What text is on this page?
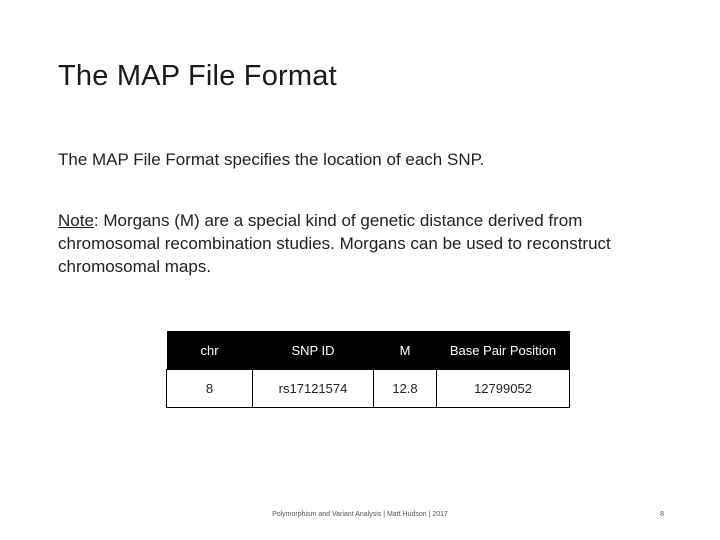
The MAP File Format
The MAP File Format specifies the location of each SNP.
Note: Morgans (M) are a special kind of genetic distance derived from chromosomal recombination studies. Morgans can be used to reconstruct chromosomal maps.
chr	SNP ID	M	Base Pair Position
8	rs17121574	12.8	12799052
Polymorphism and Variant Analysis | Matt Hudson | 2017	8
